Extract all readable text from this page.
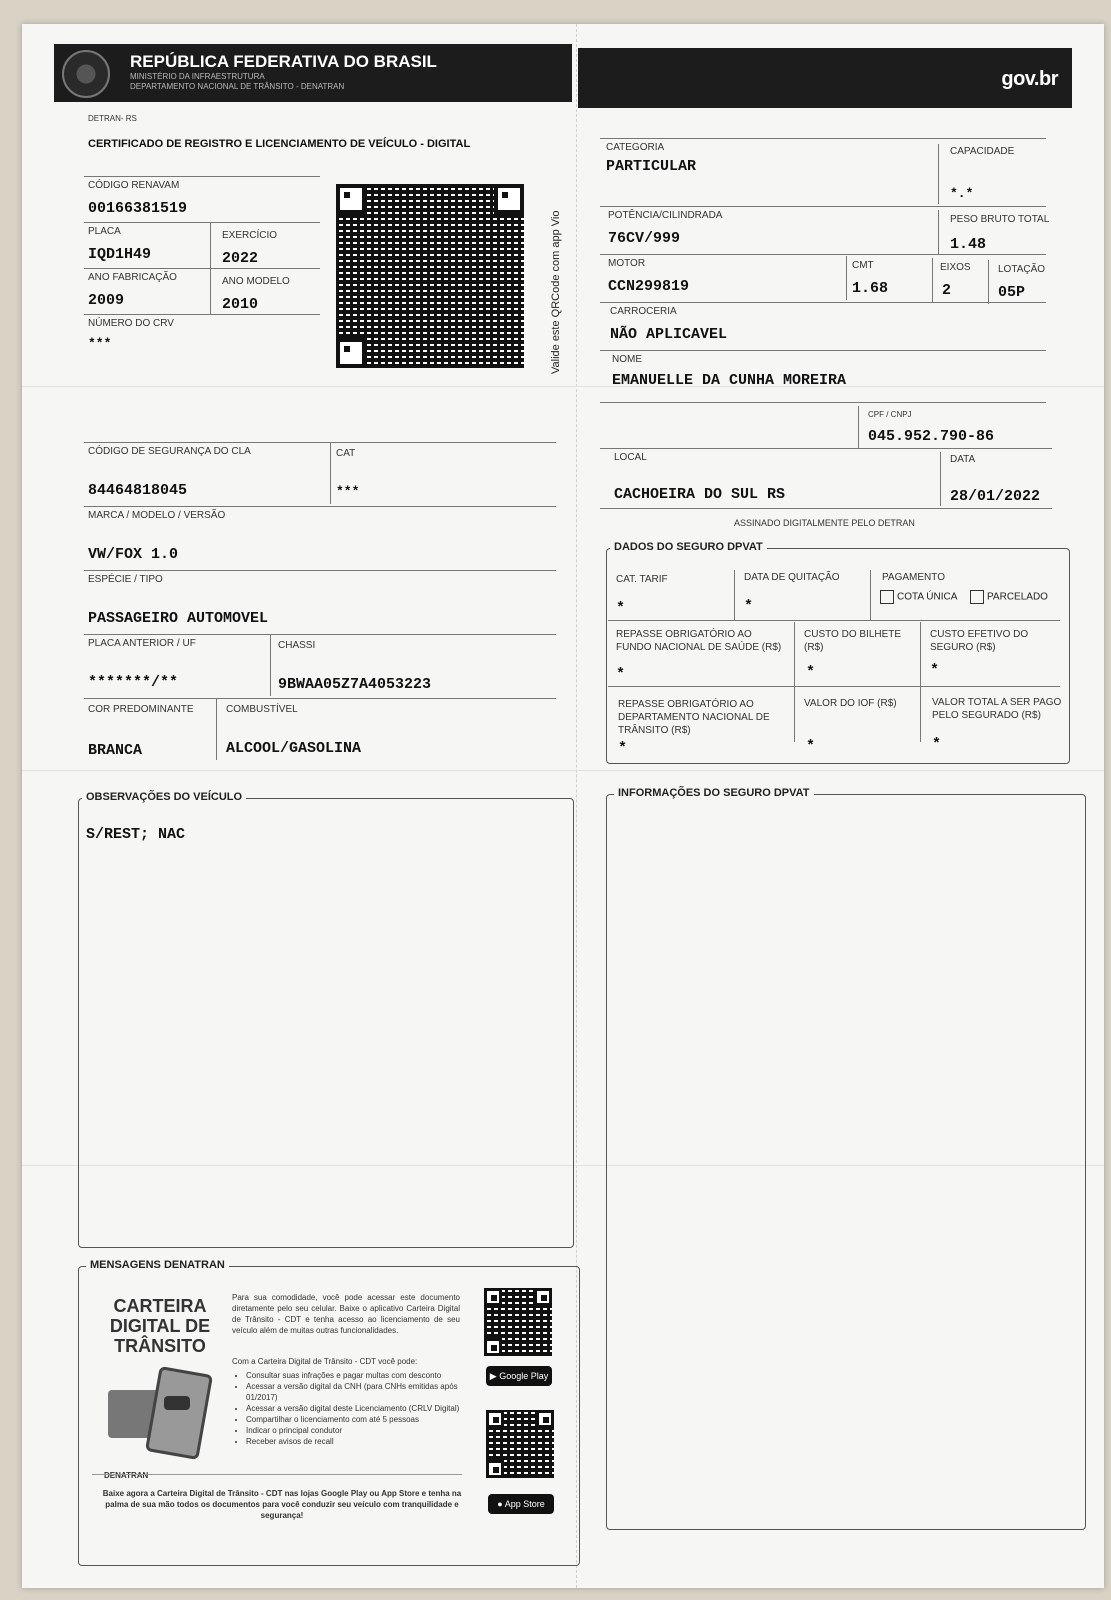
REPÚBLICA FEDERATIVA DO BRASIL
MINISTÉRIO DA INFRAESTRUTURA
DEPARTAMENTO NACIONAL DE TRÂNSITO - DENATRAN	gov.br
DETRAN- RS
CERTIFICADO DE REGISTRO E LICENCIAMENTO DE VEÍCULO - DIGITAL
CÓDIGO RENAVAM
00166381519
PLACA
IQD1H49
EXERCÍCIO
2022
ANO FABRICAÇÃO
2009
ANO MODELO
2010
NÚMERO DO CRV
***	Valide este QRCode com app Vio
CÓDIGO DE SEGURANÇA DO CLA
84464818045
CAT
***
MARCA / MODELO / VERSÃO
VW/FOX 1.0
ESPÉCIE / TIPO
PASSAGEIRO AUTOMOVEL
PLACA ANTERIOR / UF
*******/**
CHASSI
9BWAA05Z7A4053223
COR PREDOMINANTE
BRANCA
COMBUSTÍVEL
ALCOOL/GASOLINA
CATEGORIA
PARTICULAR
CAPACIDADE
*.*
POTÊNCIA/CILINDRADA
76CV/999
PESO BRUTO TOTAL
1.48
MOTOR
CCN299819
CMT
1.68
EIXOS
2
LOTAÇÃO
05P
CARROCERIA
NÃO APLICAVEL
NOME
EMANUELLE DA CUNHA MOREIRA
CPF / CNPJ
045.952.790-86
LOCAL
CACHOEIRA DO SUL RS
DATA
28/01/2022
ASSINADO DIGITALMENTE PELO DETRAN
DADOS DO SEGURO DPVAT
CAT. TARIF
*
DATA DE QUITAÇÃO
*
PAGAMENTO
COTA ÚNICA	PARCELADO
REPASSE OBRIGATÓRIO AO FUNDO NACIONAL DE SAÚDE (R$)
*
CUSTO DO BILHETE (R$)
*
CUSTO EFETIVO DO SEGURO (R$)
*
REPASSE OBRIGATÓRIO AO DEPARTAMENTO NACIONAL DE TRÂNSITO (R$)
*
VALOR DO IOF (R$)
*
VALOR TOTAL A SER PAGO PELO SEGURADO (R$)
*
OBSERVAÇÕES DO VEÍCULO
S/REST; NAC
INFORMAÇÕES DO SEGURO DPVAT
MENSAGENS DENATRAN
CARTEIRA
DIGITAL DE
TRÂNSITO
DENATRAN
Para sua comodidade, você pode acessar este documento diretamente pelo seu celular. Baixe o aplicativo Carteira Digital de Trânsito - CDT e tenha acesso ao licenciamento de seu veículo além de muitas outras funcionalidades.
Com a Carteira Digital de Trânsito - CDT você pode:
• Consultar suas infrações e pagar multas com desconto
• Acessar a versão digital da CNH (para CNHs emitidas após 01/2017)
• Acessar a versão digital deste Licenciamento (CRLV Digital)
• Compartilhar o licenciamento com até 5 pessoas
• Indicar o principal condutor
• Receber avisos de recall
▶ Google Play
● App Store
Baixe agora a Carteira Digital de Trânsito - CDT nas lojas Google Play ou App Store e tenha na palma de sua mão todos os documentos para você conduzir seu veículo com tranquilidade e segurança!
